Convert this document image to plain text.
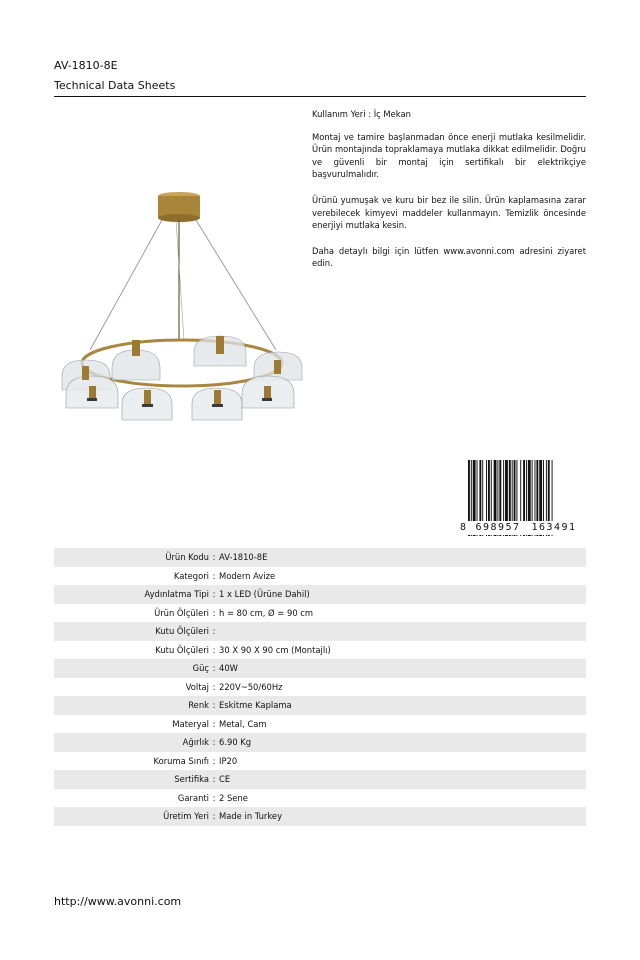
AV-1810-8E
Technical Data Sheets

Kullanım Yeri : İç Mekan

Montaj ve tamire başlanmadan önce enerji mutlaka kesilmelidir. Ürün montajında topraklamaya mutlaka dikkat edilmelidir. Doğru ve güvenli bir montaj için sertifikalı bir elektrikçiye başvurulmalıdır.

Ürünü yumuşak ve kuru bir bez ile silin. Ürün kaplamasına zarar verebilecek kimyevi maddeler kullanmayın. Temizlik öncesinde enerjiyi mutlaka kesin.

Daha detaylı bilgi için lütfen www.avonni.com adresini ziyaret edin.

8 698957	163491
Ürün Kodu : AV-1810-8E
Kategori : Modern Avize
Aydınlatma Tipi : 1 x LED (Ürüne Dahil)
Ürün Ölçüleri : h = 80 cm, Ø = 90 cm
Kutu Ölçüleri :
Kutu Ölçüleri : 30 X 90 X 90 cm (Montajlı)
Güç : 40W
Voltaj : 220V~50/60Hz
Renk : Eskitme Kaplama
Materyal : Metal, Cam
Ağırlık : 6.90 Kg
Koruma Sınıfı : IP20
Sertifika : CE
Garanti : 2 Sene
Üretim Yeri : Made in Turkey
http://www.avonni.com
